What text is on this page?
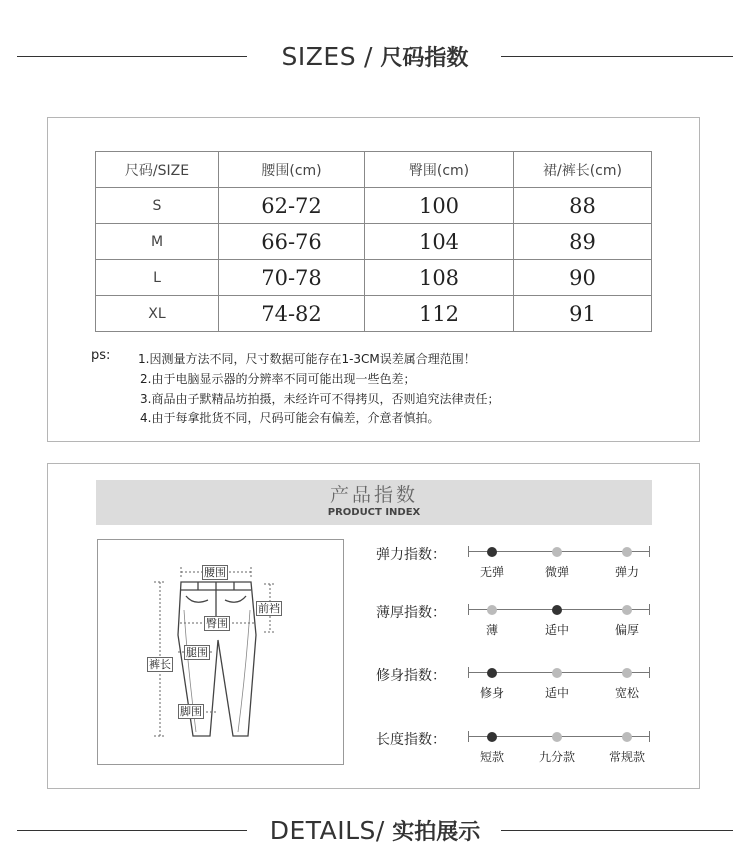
SIZES / 尺码指数
尺码/SIZE	腰围(cm)	臀围(cm)	裙/裤长(cm)
S	62-72	100	88
M	66-76	104	89
L	70-78	108	90
XL	74-82	112	91
ps: 1.因测量方法不同，尺寸数据可能存在1-3CM误差属合理范围！
2.由于电脑显示器的分辨率不同可能出现一些色差；
3.商品由子默精品坊拍摄，未经许可不得拷贝，否则追究法律责任；
4.由于每拿批货不同，尺码可能会有偏差，介意者慎拍。
产品指数
PRODUCT INDEX
腰围
前裆
臀围
腿围
裤长
脚围
弹力指数：
无弹	微弹	弹力
薄厚指数：
薄	适中	偏厚
修身指数：
修身	适中	宽松
长度指数：
短款	九分款	常规款
DETAILS/ 实拍展示
